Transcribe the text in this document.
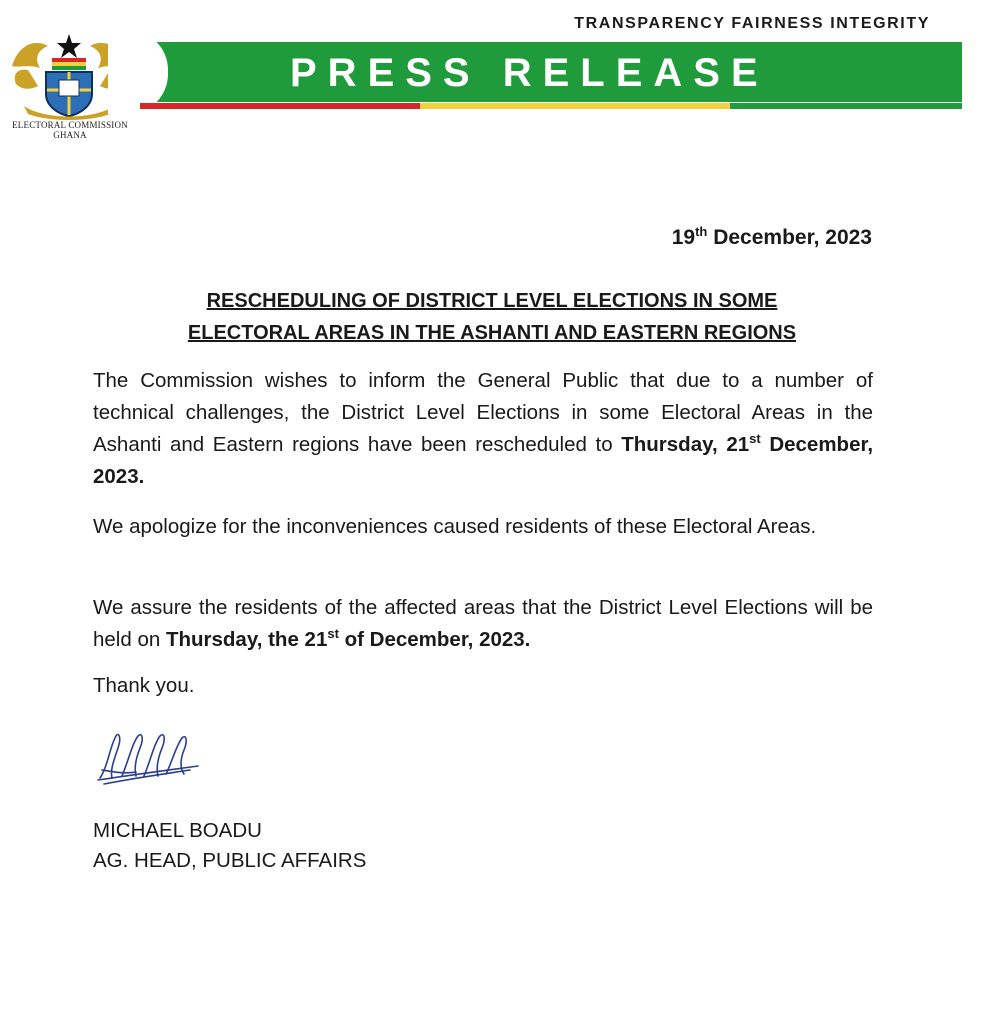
ELECTORAL COMMISSION
GHANA
TRANSPARENCY FAIRNESS INTEGRITY
PRESS RELEASE
19th December, 2023
RESCHEDULING OF DISTRICT LEVEL ELECTIONS IN SOME
ELECTORAL AREAS IN THE ASHANTI AND EASTERN REGIONS
The Commission wishes to inform the General Public that due to a number of technical challenges, the District Level Elections in some Electoral Areas in the Ashanti and Eastern regions have been rescheduled to Thursday, 21st December, 2023.
We apologize for the inconveniences caused residents of these Electoral Areas.
We assure the residents of the affected areas that the District Level Elections will be held on Thursday, the 21st of December, 2023.
Thank you.
MICHAEL BOADU
AG. HEAD, PUBLIC AFFAIRS
